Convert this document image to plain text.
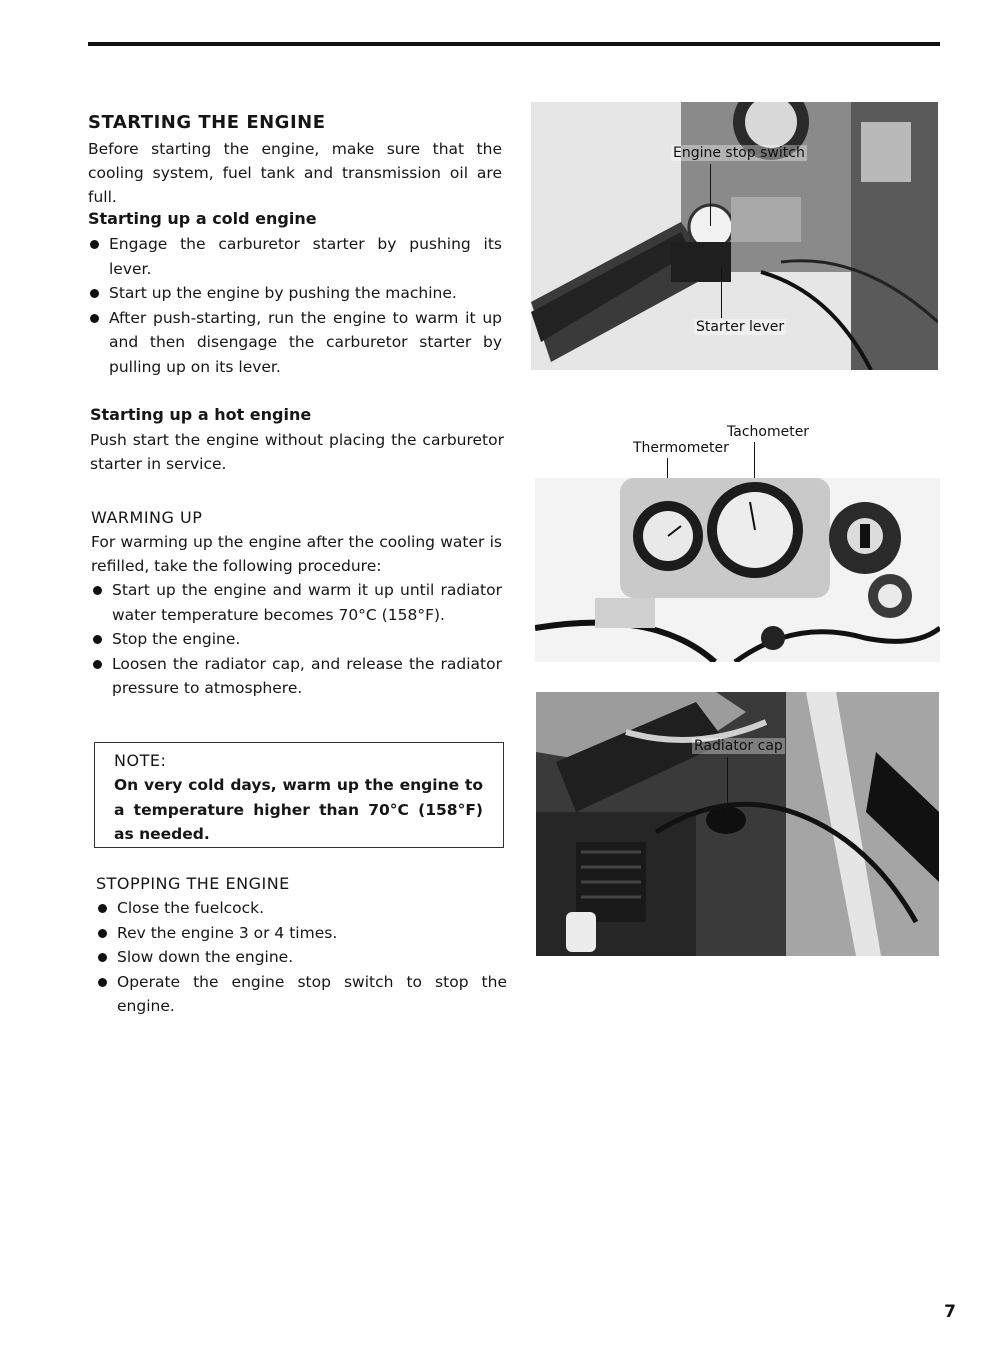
STARTING THE ENGINE

Before starting the engine, make sure that the cooling system, fuel tank and transmission oil are full.

Starting up a cold engine
Engage the carburetor starter by pushing its lever.
Start up the engine by pushing the machine.
After push-starting, run the engine to warm it up and then disengage the carburetor starter by pulling up on its lever.
Starting up a hot engine

Push start the engine without placing the carburetor starter in service.

WARMING UP

For warming up the engine after the cooling water is refilled, take the following procedure:

Start up the engine and warm it up until radiator water temperature becomes 70°C (158°F).
Stop the engine.
Loosen the radiator cap, and release the radiator pressure to atmosphere.
NOTE:

On very cold days, warm up the engine to a temperature higher than 70°C (158°F) as needed.

STOPPING THE ENGINE
Close the fuelcock.
Rev the engine 3 or 4 times.
Slow down the engine.
Operate the engine stop switch to stop the engine.
Engine stop switch
Starter lever
Tachometer
Thermometer
Radiator cap
7
